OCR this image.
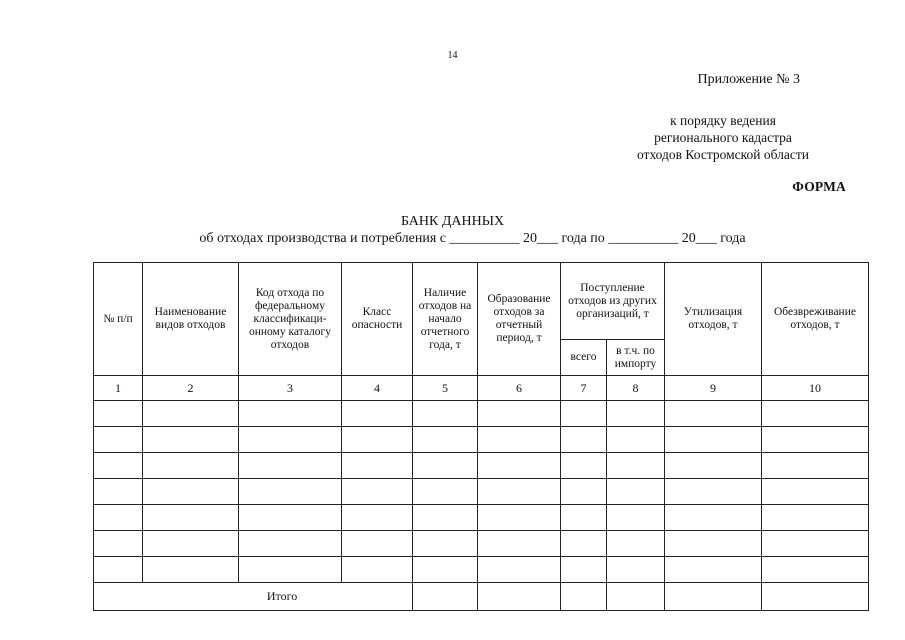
14
Приложение № 3
к порядку ведения
регионального кадастра
отходов Костромской области
ФОРМА
БАНК ДАННЫХ
об отходах производства и потребления с __________ 20___ года по __________ 20___ года
№ п/п	Наименование видов отходов	Код отхода по федеральному классификаци-онному каталогу отходов	Класс опасности	Наличие отходов на начало отчетного года, т	Образование отходов за отчетный период, т	Поступление отходов из других организаций, т		Утилизация отходов, т	Обезвреживание отходов, т
						всего	в т.ч. по импорту		
1	2	3	4	5	6	7	8	9	10

Итого									
